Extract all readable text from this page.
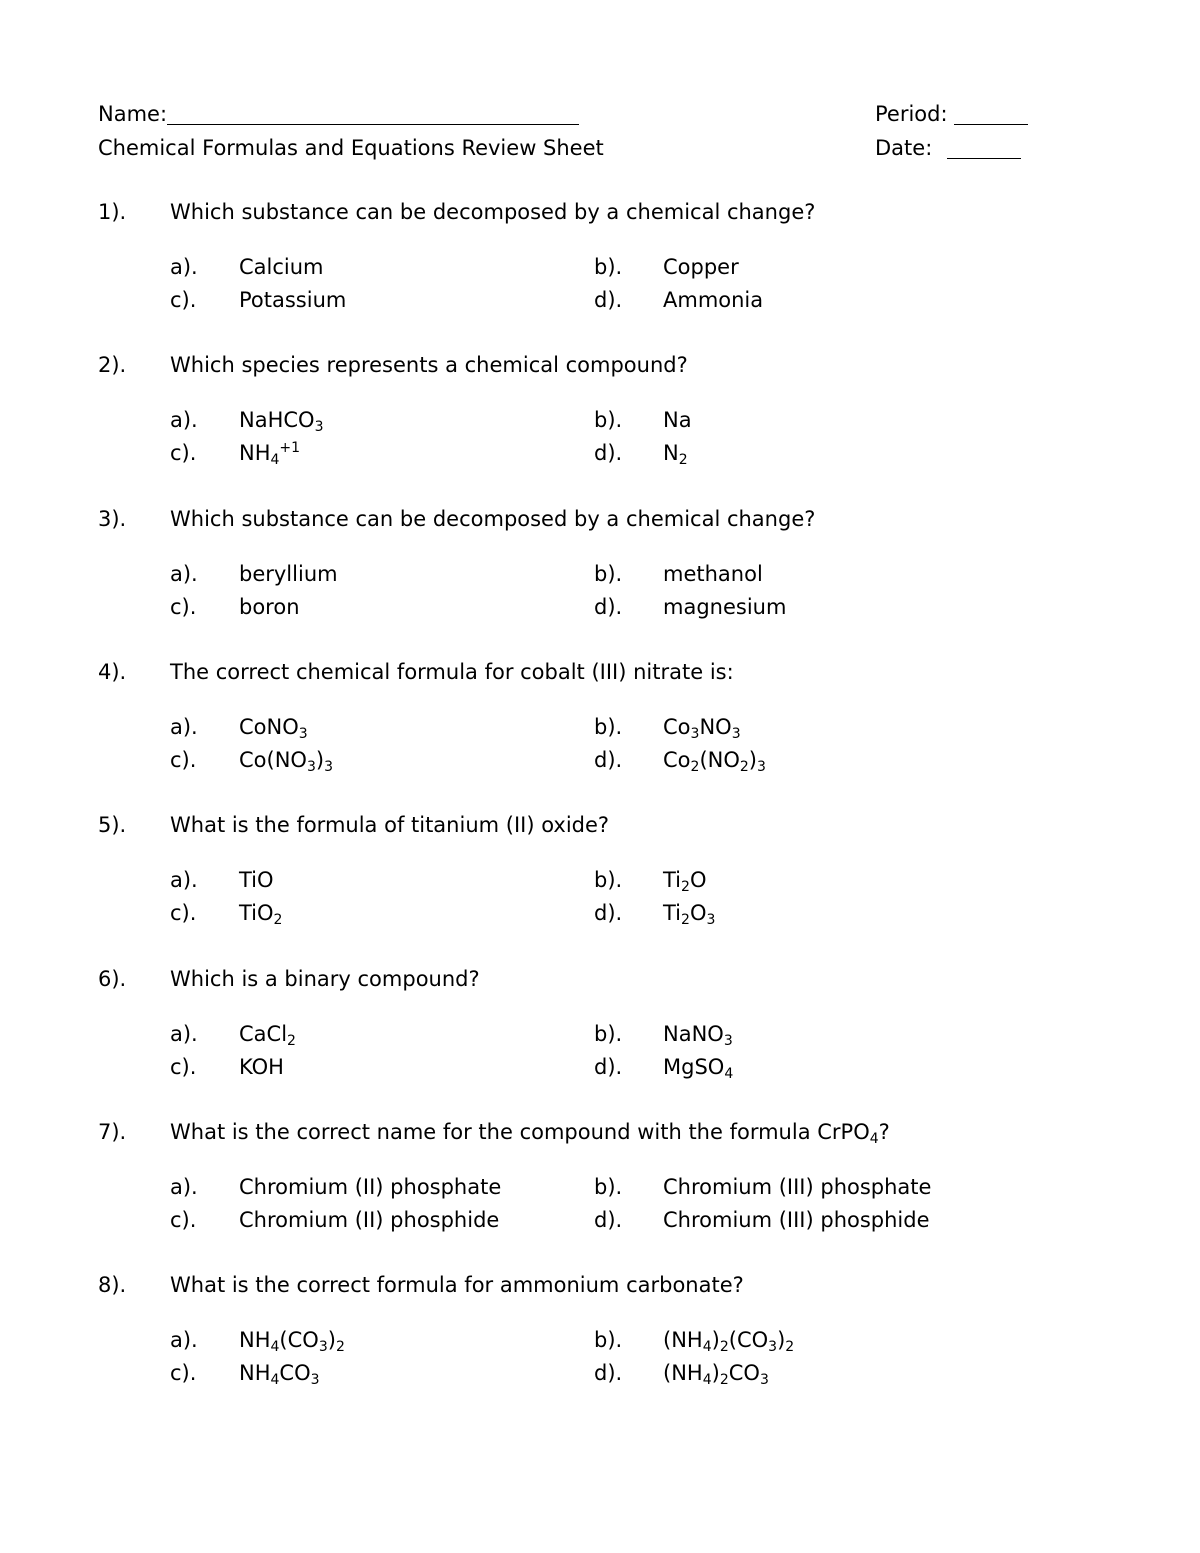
Name:	Period:
Chemical Formulas and Equations Review Sheet	Date:
1). Which substance can be decomposed by a chemical change?
a). Calcium	b). Copper
c). Potassium	d). Ammonia
2). Which species represents a chemical compound?
a). NaHCO$_3$	b). Na
c). $NH_4^{+1}$	d). $N_2$
3). Which substance can be decomposed by a chemical change?
a). beryllium	b). methanol
c). boron	d). magnesium
4). The correct chemical formula for cobalt (III) nitrate is:
a). CoNO$_3$	b). $Co_3NO_3$
c). $Co(NO_3)_3$	d). $Co_2(NO_2)_3$
5). What is the formula of titanium (II) oxide?
a). TiO	b). $Ti_2O$
c). TiO$_2$	d). $Ti_2O_3$
6). Which is a binary compound?
a). CaCl$_2$	b). NaNO$_3$
c). KOH	d). MgSO$_4$
7). What is the correct name for the compound with the formula CrPO$_4$?
a). Chromium (II) phosphate	b). Chromium (III) phosphate
c). Chromium (II) phosphide	d). Chromium (III) phosphide
8). What is the correct formula for ammonium carbonate?
a). $NH_4(CO_3)_2$	b). $(NH_4)_2(CO_3)_2$
c). $NH_4CO_3$	d). $(NH_4)_2CO_3$
